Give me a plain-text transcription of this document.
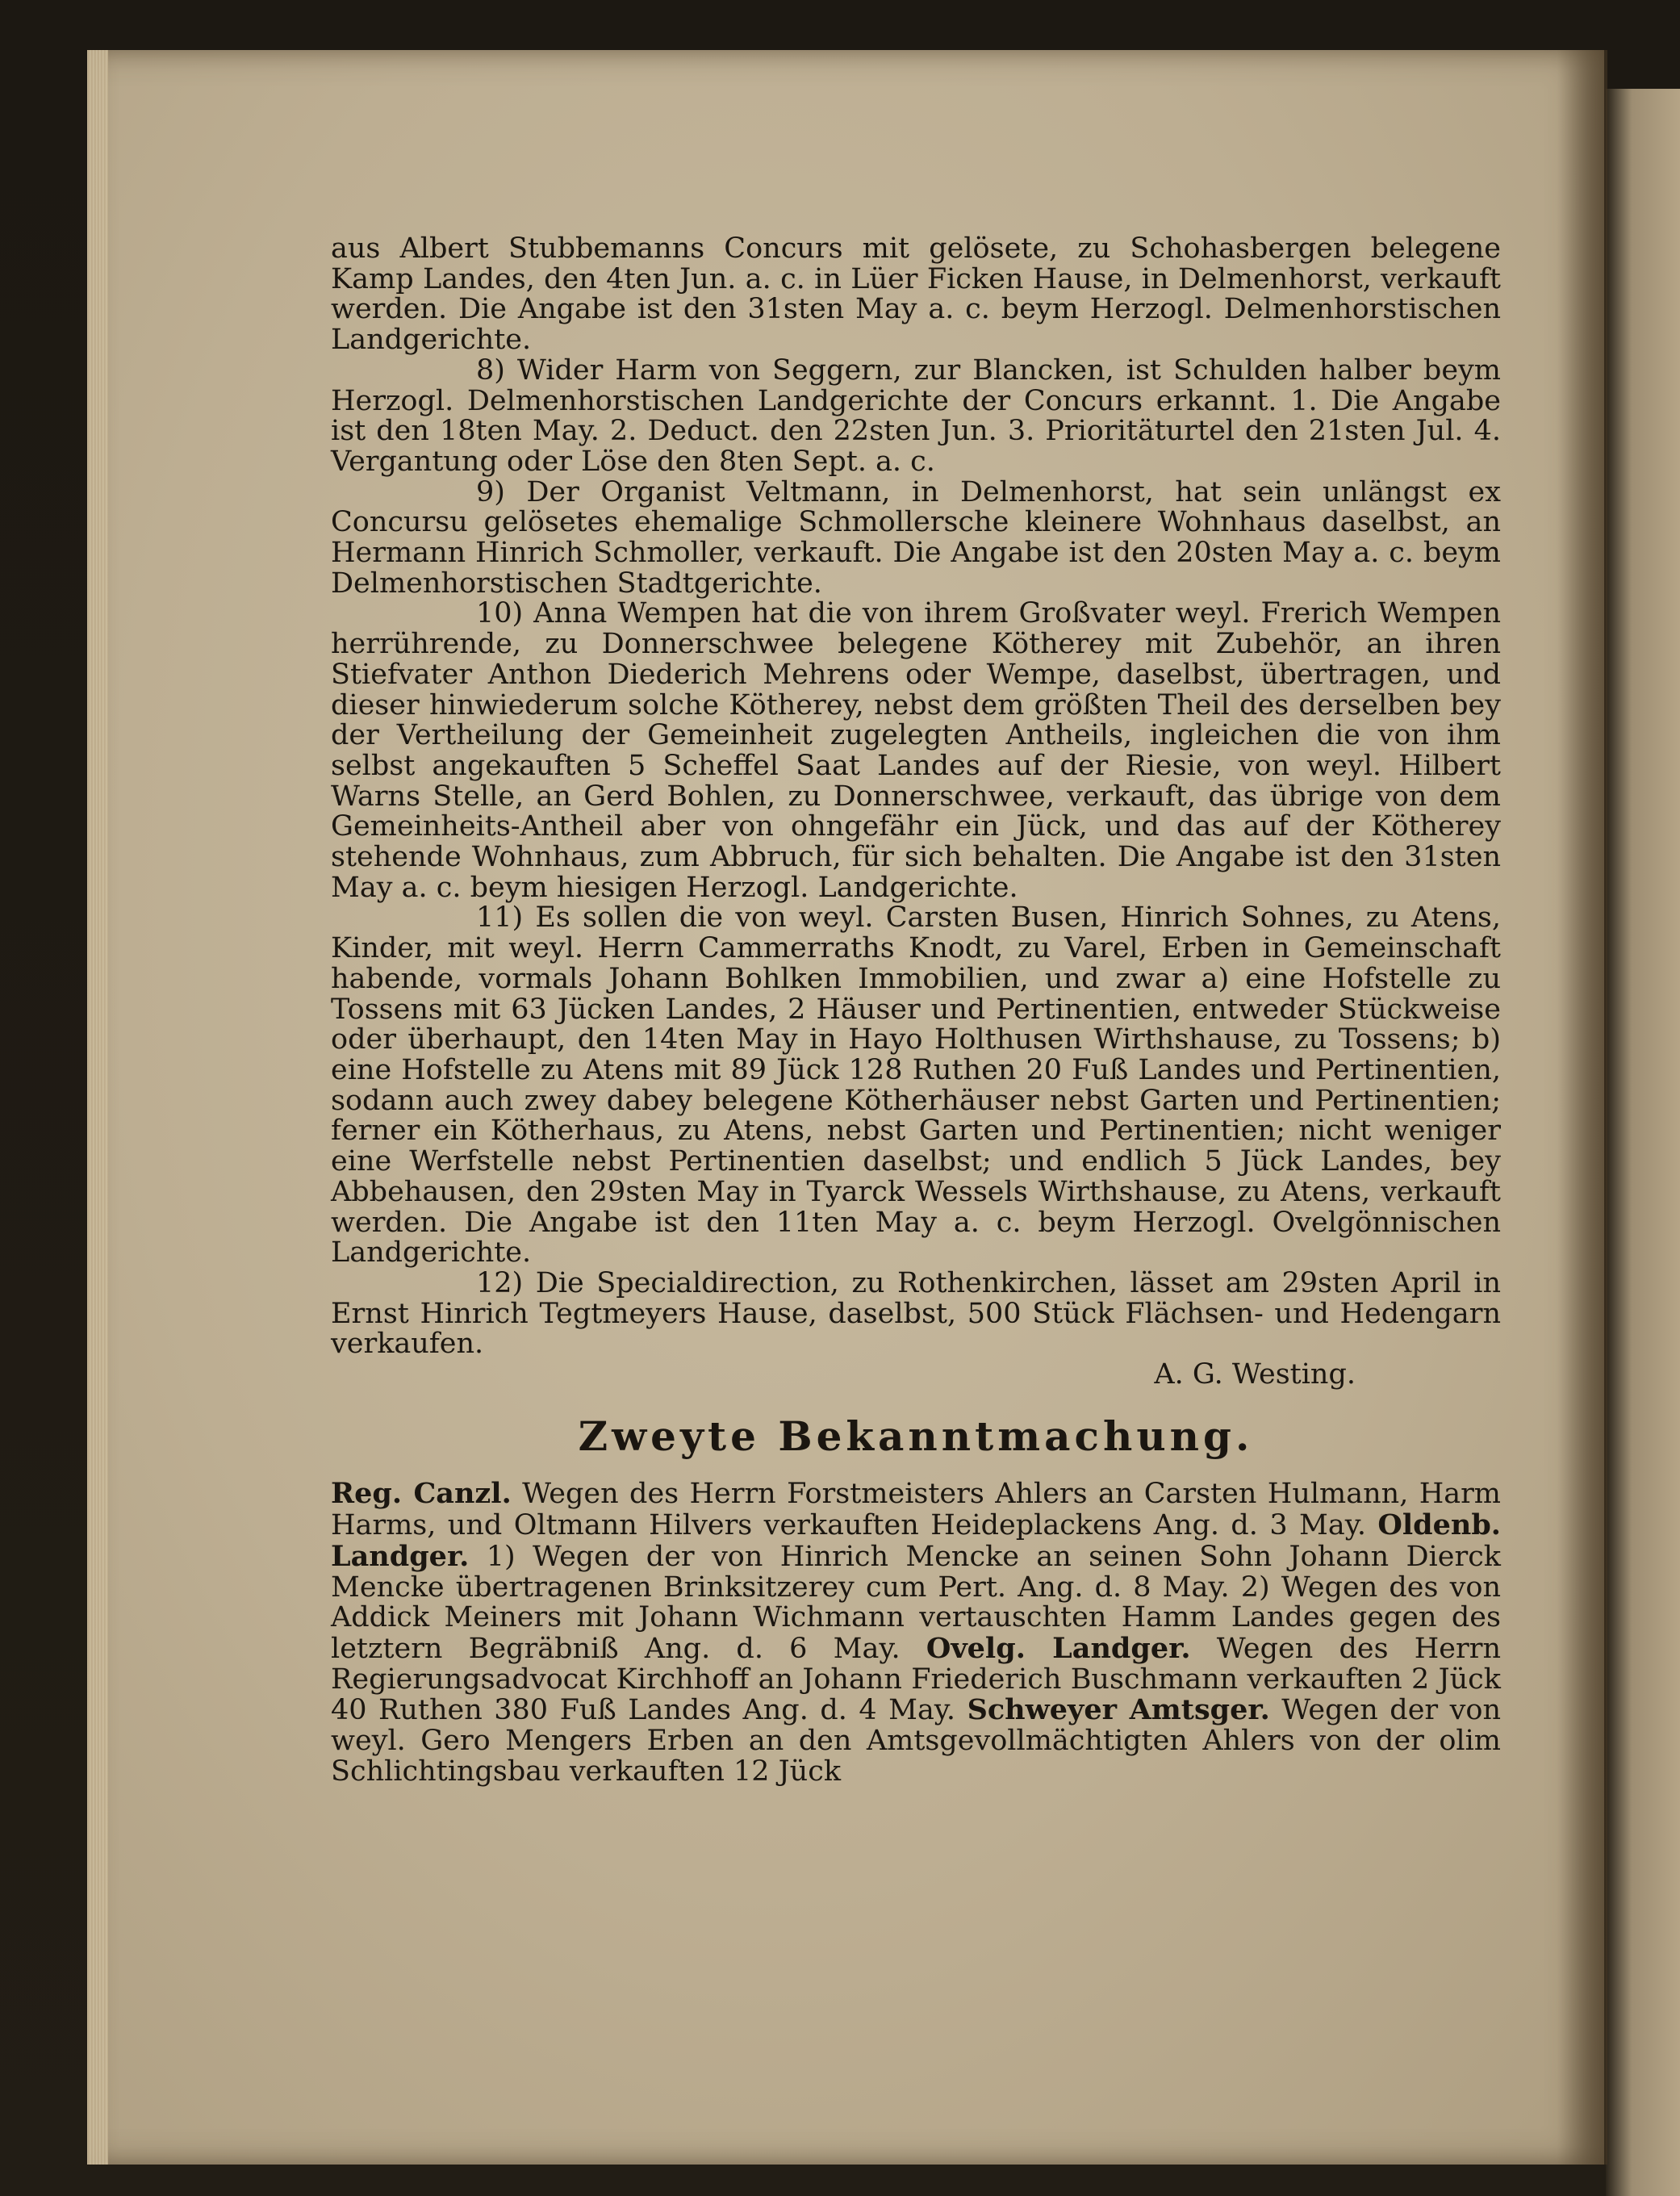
aus Albert Stubbemanns Concurs mit gelösete, zu Schohasbergen belegene Kamp Landes, den 4ten Jun. a. c. in Lüer Ficken Hause, in Delmenhorst, verkauft werden. Die Angabe ist den 31sten May a. c. beym Herzogl. Delmenhorstischen Landgerichte.

8) Wider Harm von Seggern, zur Blancken, ist Schulden halber beym Herzogl. Delmenhorstischen Landgerichte der Concurs erkannt. 1. Die Angabe ist den 18ten May. 2. Deduct. den 22sten Jun. 3. Prioritäturtel den 21sten Jul. 4. Vergantung oder Löse den 8ten Sept. a. c.

9) Der Organist Veltmann, in Delmenhorst, hat sein unlängst ex Concursu gelösetes ehemalige Schmollersche kleinere Wohnhaus daselbst, an Hermann Hinrich Schmoller, verkauft. Die Angabe ist den 20sten May a. c. beym Delmenhorstischen Stadtgerichte.

10) Anna Wempen hat die von ihrem Großvater weyl. Frerich Wempen herrührende, zu Donnerschwee belegene Kötherey mit Zubehör, an ihren Stiefvater Anthon Diederich Mehrens oder Wempe, daselbst, übertragen, und dieser hinwiederum solche Kötherey, nebst dem größten Theil des derselben bey der Vertheilung der Gemeinheit zugelegten Antheils, ingleichen die von ihm selbst angekauften 5 Scheffel Saat Landes auf der Riesie, von weyl. Hilbert Warns Stelle, an Gerd Bohlen, zu Donnerschwee, verkauft, das übrige von dem Gemeinheits-Antheil aber von ohngefähr ein Jück, und das auf der Kötherey stehende Wohnhaus, zum Abbruch, für sich behalten. Die Angabe ist den 31sten May a. c. beym hiesigen Herzogl. Landgerichte.

11) Es sollen die von weyl. Carsten Busen, Hinrich Sohnes, zu Atens, Kinder, mit weyl. Herrn Cammerraths Knodt, zu Varel, Erben in Gemeinschaft habende, vormals Johann Bohlken Immobilien, und zwar a) eine Hofstelle zu Tossens mit 63 Jücken Landes, 2 Häuser und Pertinentien, entweder Stückweise oder überhaupt, den 14ten May in Hayo Holthusen Wirthshause, zu Tossens; b) eine Hofstelle zu Atens mit 89 Jück 128 Ruthen 20 Fuß Landes und Pertinentien, sodann auch zwey dabey belegene Kötherhäuser nebst Garten und Pertinentien; ferner ein Kötherhaus, zu Atens, nebst Garten und Pertinentien; nicht weniger eine Werfstelle nebst Pertinentien daselbst; und endlich 5 Jück Landes, bey Abbehausen, den 29sten May in Tyarck Wessels Wirthshause, zu Atens, verkauft werden. Die Angabe ist den 11ten May a. c. beym Herzogl. Ovelgönnischen Landgerichte.

12) Die Specialdirection, zu Rothenkirchen, lässet am 29sten April in Ernst Hinrich Tegtmeyers Hause, daselbst, 500 Stück Flächsen- und Hedengarn verkaufen.

A. G. Westing.

Zweyte Bekanntmachung.

Reg. Canzl. Wegen des Herrn Forstmeisters Ahlers an Carsten Hulmann, Harm Harms, und Oltmann Hilvers verkauften Heideplackens Ang. d. 3 May. Oldenb. Landger. 1) Wegen der von Hinrich Mencke an seinen Sohn Johann Dierck Mencke übertragenen Brinksitzerey cum Pert. Ang. d. 8 May. 2) Wegen des von Addick Meiners mit Johann Wichmann vertauschten Hamm Landes gegen des letztern Begräbniß Ang. d. 6 May. Ovelg. Landger. Wegen des Herrn Regierungsadvocat Kirchhoff an Johann Friederich Buschmann verkauften 2 Jück 40 Ruthen 380 Fuß Landes Ang. d. 4 May. Schweyer Amtsger. Wegen der von weyl. Gero Mengers Erben an den Amtsgevollmächtigten Ahlers von der olim Schlichtingsbau verkauften 12 Jück
